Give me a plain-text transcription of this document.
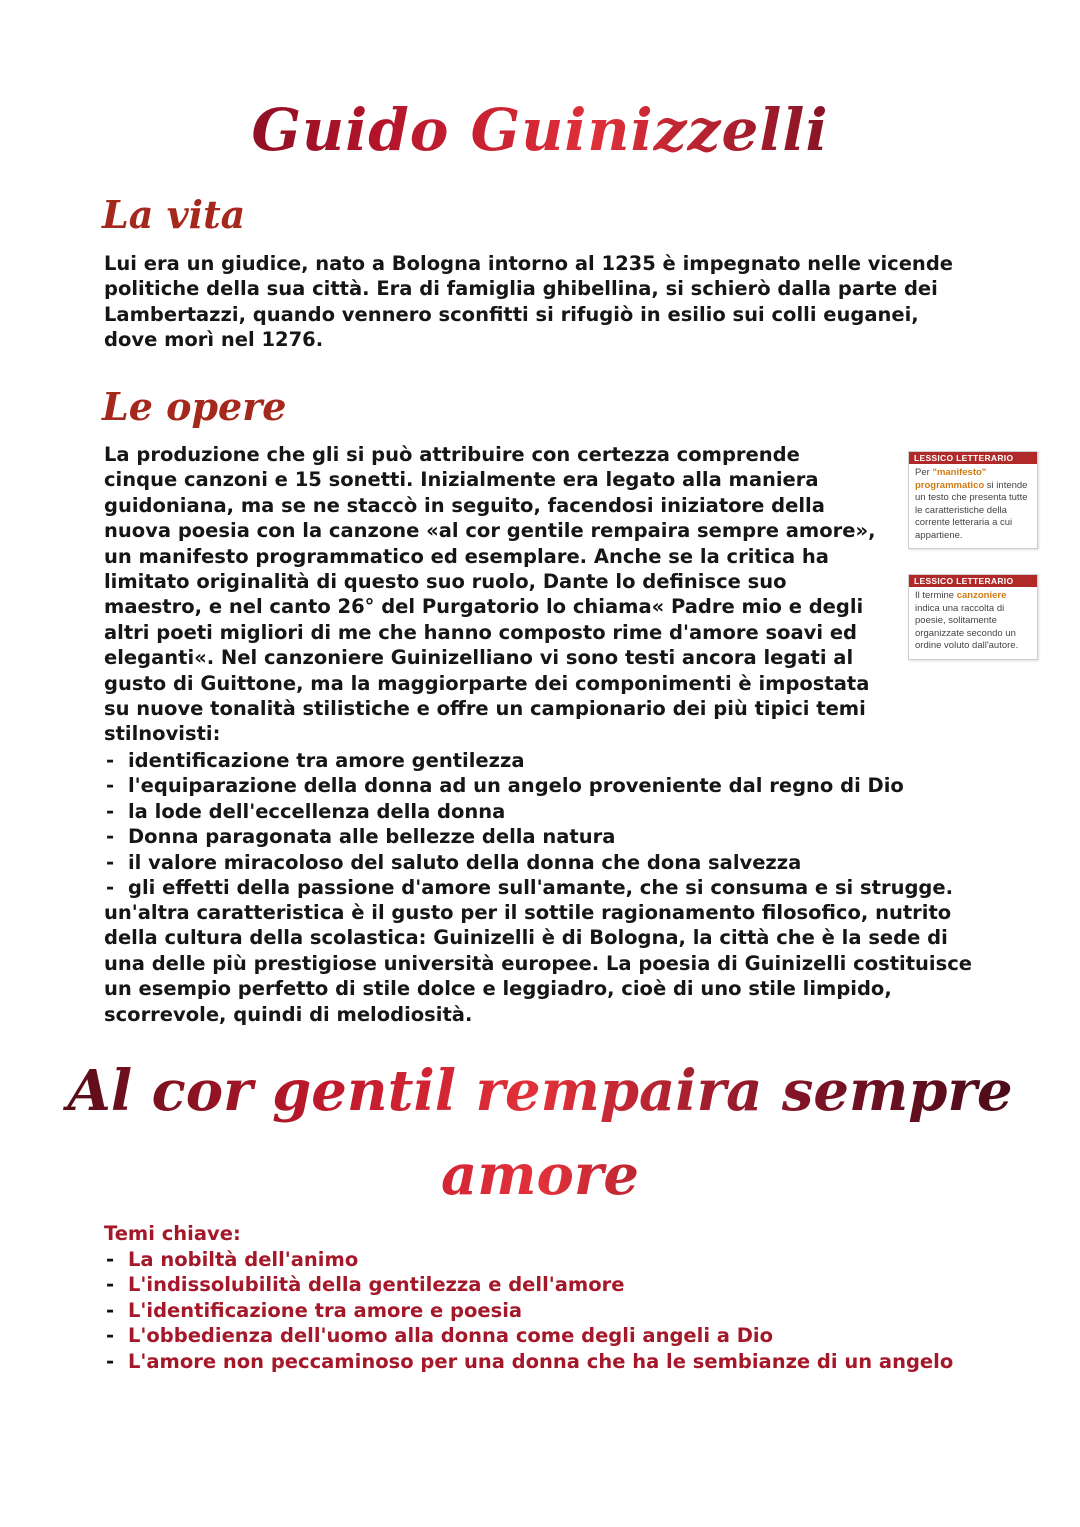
Guido Guinizzelli
La vita

Lui era un giudice, nato a Bologna intorno al 1235 è impegnato nelle vicende politiche della sua città. Era di famiglia ghibellina, si schierò dalla parte dei Lambertazzi, quando vennero sconfitti si rifugiò in esilio sui colli euganei, dove morì nel 1276.

Le opere

La produzione che gli si può attribuire con certezza comprende cinque canzoni e 15 sonetti. Inizialmente era legato alla maniera guidoniana, ma se ne staccò in seguito, facendosi iniziatore della nuova poesia con la canzone «al cor gentile rempaira sempre amore», un manifesto programmatico ed esemplare. Anche se la critica ha limitato originalità di questo suo ruolo, Dante lo definisce suo maestro, e nel canto 26° del Purgatorio lo chiama« Padre mio e degli altri poeti migliori di me che hanno composto rime d'amore soavi ed eleganti«. Nel canzoniere Guinizelliano vi sono testi ancora legati al gusto di Guittone, ma la maggiorparte dei componimenti è impostata su nuove tonalità stilistiche e offre un campionario dei più tipici temi stilnovisti:

- identificazione tra amore gentilezza
- l'equiparazione della donna ad un angelo proveniente dal regno di Dio
- la lode dell'eccellenza della donna
- Donna paragonata alle bellezze della natura
- il valore miracoloso del saluto della donna che dona salvezza
- gli effetti della passione d'amore sull'amante, che si consuma e si strugge.

un'altra caratteristica è il gusto per il sottile ragionamento filosofico, nutrito della cultura della scolastica: Guinizelli è di Bologna, la città che è la sede di una delle più prestigiose università europee. La poesia di Guinizelli costituisce un esempio perfetto di stile dolce e leggiadro, cioè di uno stile limpido, scorrevole, quindi di melodiosità.

LESSICO LETTERARIO
Per "manifesto" programmatico si intende un testo che presenta tutte le caratteristiche della corrente letteraria a cui appartiene.
LESSICO LETTERARIO
Il termine canzoniere indica una raccolta di poesie, solitamente organizzate secondo un ordine voluto dall'autore.
Al cor gentil rempaira sempre
amore
Temi chiave:
- La nobiltà dell'animo
- L'indissolubilità della gentilezza e dell'amore
- L'identificazione tra amore e poesia
- L'obbedienza dell'uomo alla donna come degli angeli a Dio
- L'amore non peccaminoso per una donna che ha le sembianze di un angelo
